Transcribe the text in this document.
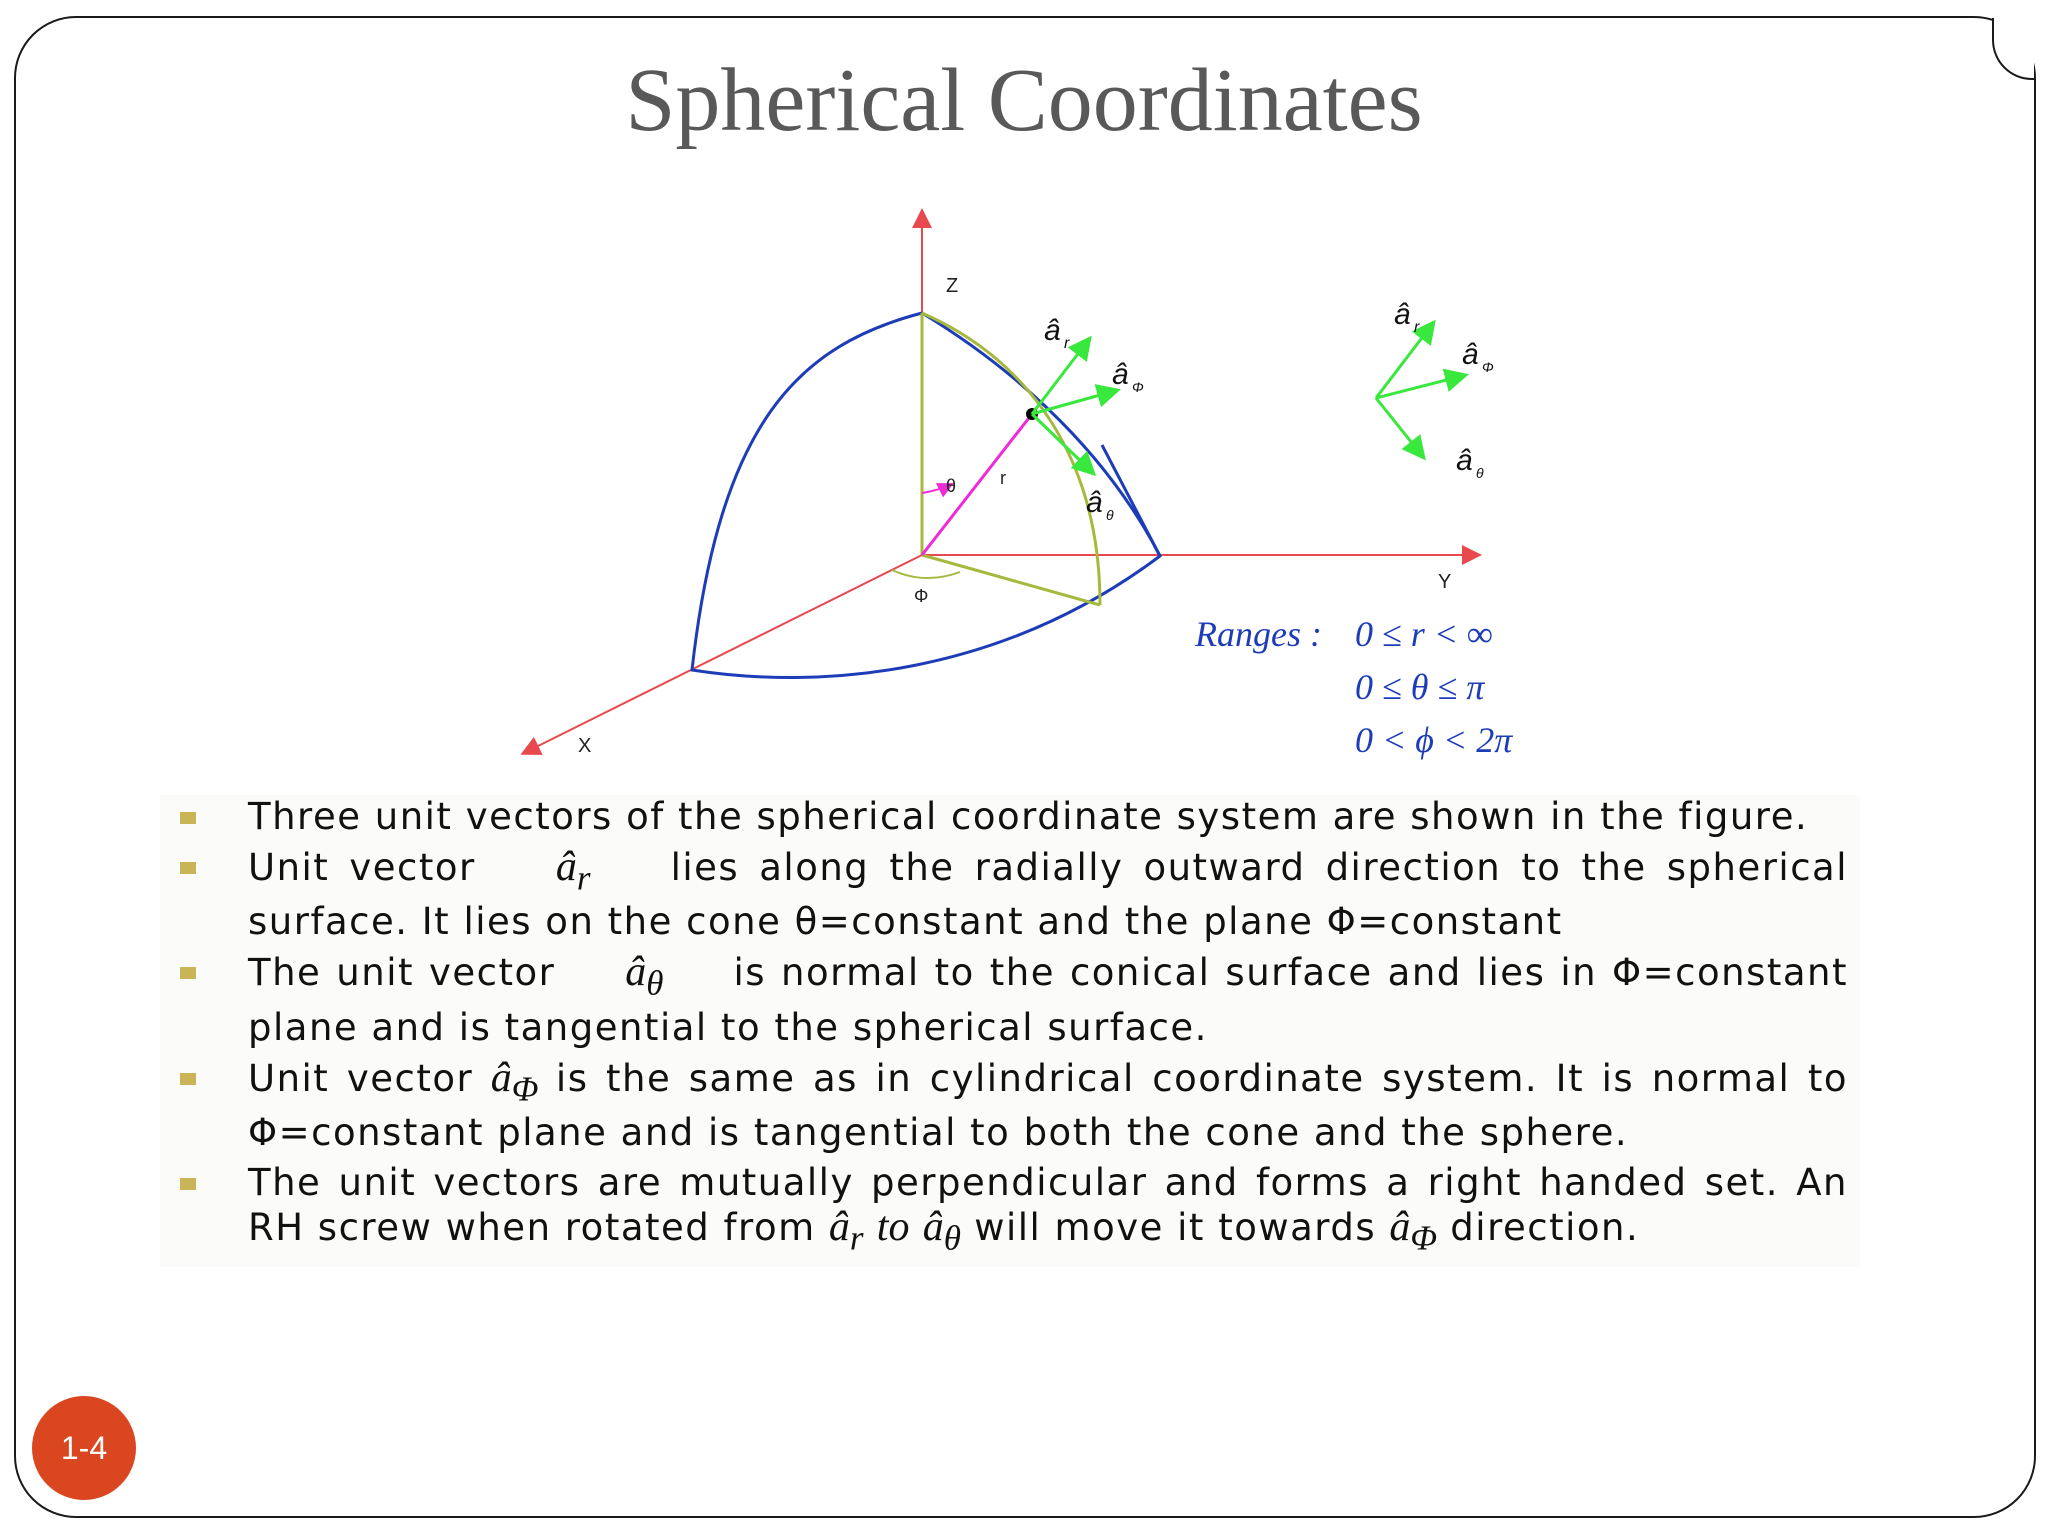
Spherical Coordinates
Z
Y
X
θ
Φ
r
â r
â Φ
â θ
â r
â Φ
â θ
Ranges : 0 ≤ r < ∞
0 ≤ θ ≤ π
0 < ϕ < 2π
Three unit vectors of the spherical coordinate system are shown in the figure.
Unit vector $â_r$ lies along the radially outward direction to the spherical surface. It lies on the cone θ=constant and the plane Φ=constant
The unit vector $â_\theta$ is normal to the conical surface and lies in Φ=constant plane and is tangential to the spherical surface.
Unit vector $â_\Phi$ is the same as in cylindrical coordinate system. It is normal to Φ=constant plane and is tangential to both the cone and the sphere.
The unit vectors are mutually perpendicular and forms a right handed set. An RH screw when rotated from $â_r$ to $â_\theta$ will move it towards $â_\Phi$ direction.
1-4
